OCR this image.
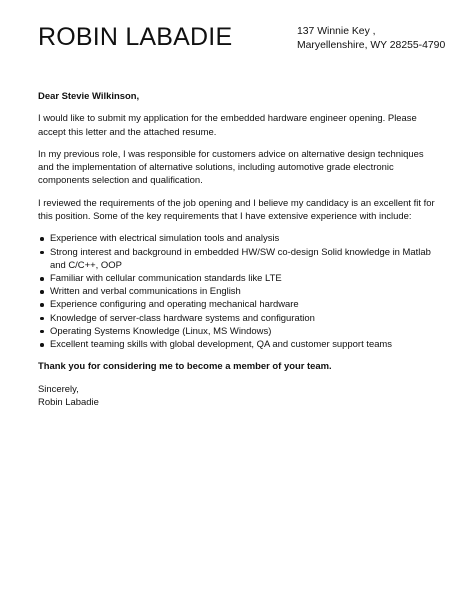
ROBIN LABADIE	137 Winnie Key ,
Maryellenshire, WY 28255-4790

Dear Stevie Wilkinson,

I would like to submit my application for the embedded hardware engineer opening. Please accept this letter and the attached resume.

In my previous role, I was responsible for customers advice on alternative design techniques and the implementation of alternative solutions, including automotive grade electronic components selection and qualification.

I reviewed the requirements of the job opening and I believe my candidacy is an excellent fit for this position. Some of the key requirements that I have extensive experience with include:

Experience with electrical simulation tools and analysis
Strong interest and background in embedded HW/SW co-design Solid knowledge in Matlab and C/C++, OOP
Familiar with cellular communication standards like LTE
Written and verbal communications in English
Experience configuring and operating mechanical hardware
Knowledge of server-class hardware systems and configuration
Operating Systems Knowledge (Linux, MS Windows)
Excellent teaming skills with global development, QA and customer support teams

Thank you for considering me to become a member of your team.

Sincerely,
Robin Labadie
